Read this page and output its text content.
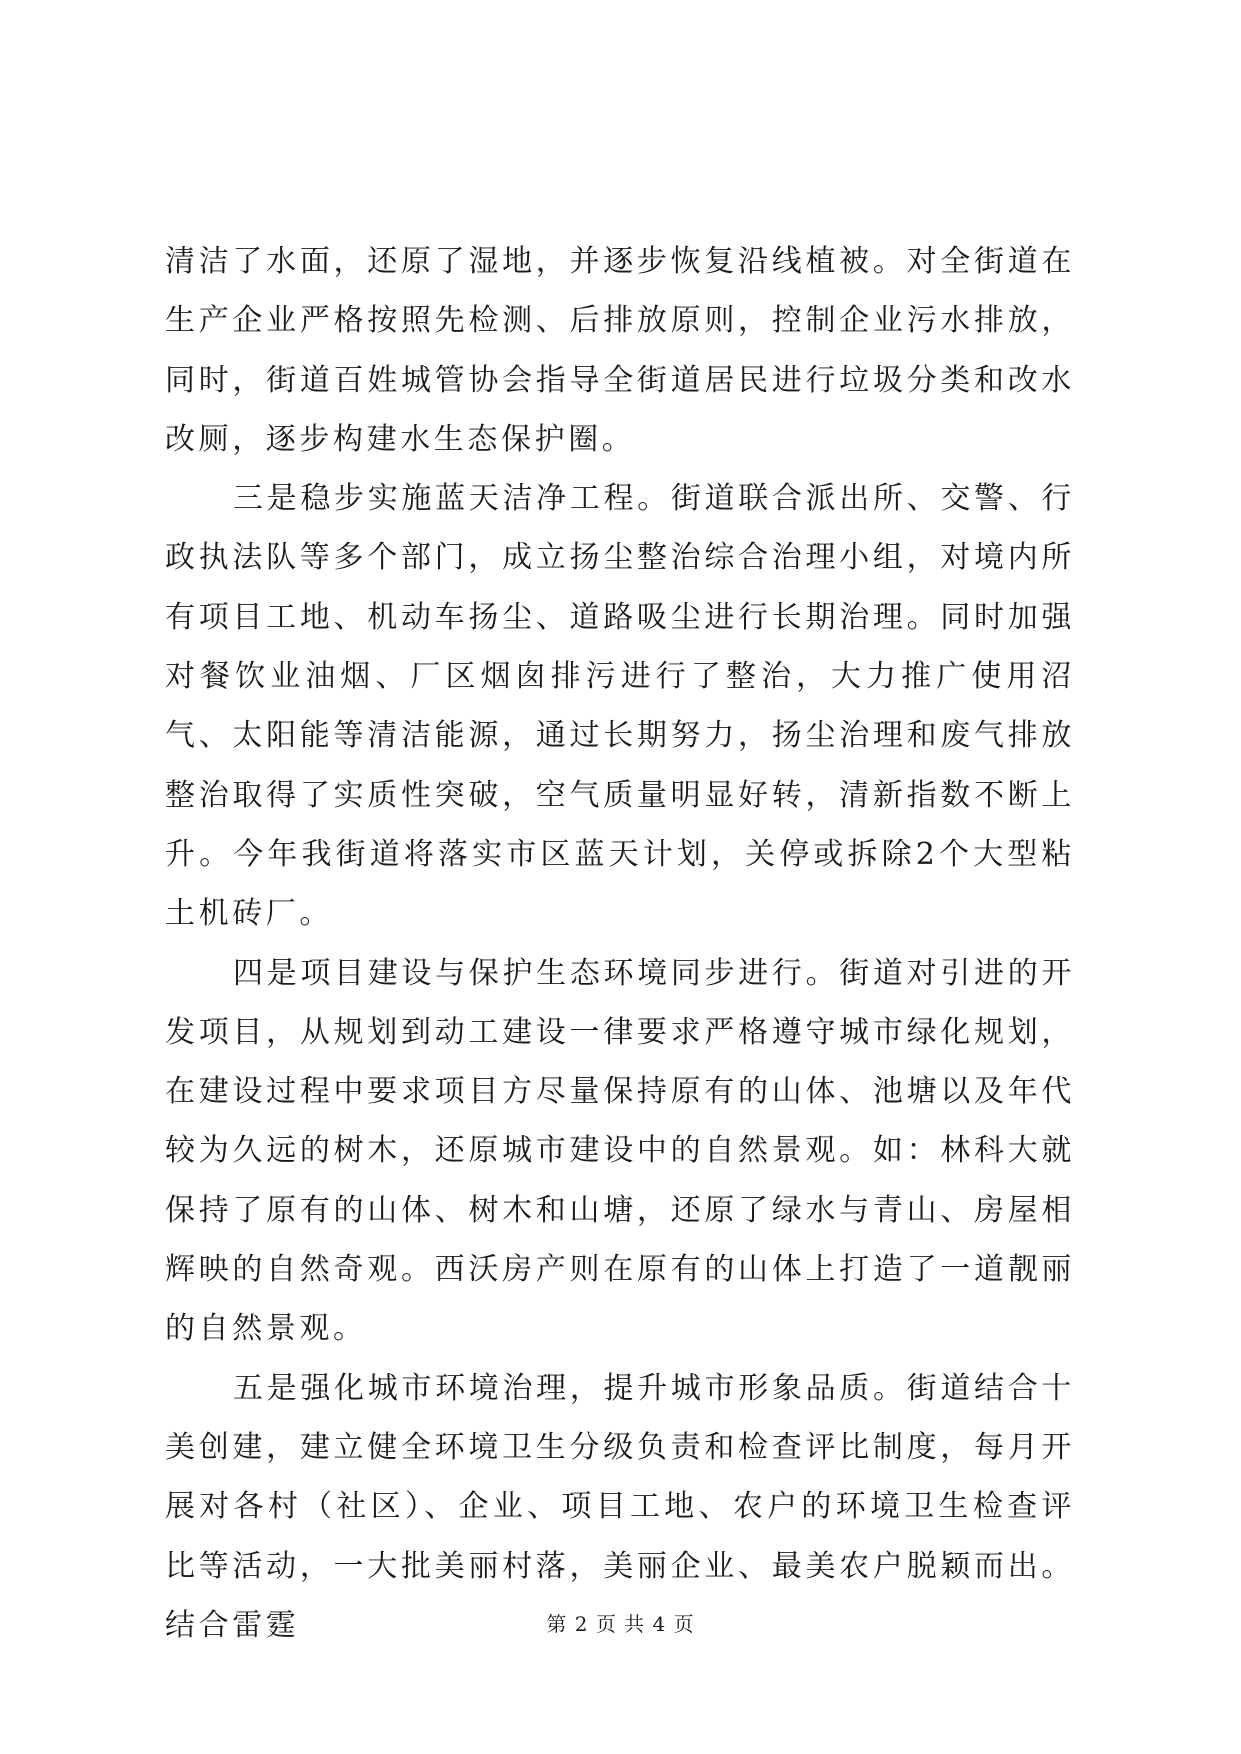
清洁了水面，还原了湿地，并逐步恢复沿线植被。对全街道在生产企业严格按照先检测、后排放原则，控制企业污水排放，同时，街道百姓城管协会指导全街道居民进行垃圾分类和改水改厕，逐步构建水生态保护圈。

三是稳步实施蓝天洁净工程。街道联合派出所、交警、行政执法队等多个部门，成立扬尘整治综合治理小组，对境内所有项目工地、机动车扬尘、道路吸尘进行长期治理。同时加强对餐饮业油烟、厂区烟囱排污进行了整治，大力推广使用沼气、太阳能等清洁能源，通过长期努力，扬尘治理和废气排放整治取得了实质性突破，空气质量明显好转，清新指数不断上升。今年我街道将落实市区蓝天计划，关停或拆除2个大型粘土机砖厂。

四是项目建设与保护生态环境同步进行。街道对引进的开发项目，从规划到动工建设一律要求严格遵守城市绿化规划，在建设过程中要求项目方尽量保持原有的山体、池塘以及年代较为久远的树木，还原城市建设中的自然景观。如：林科大就保持了原有的山体、树木和山塘，还原了绿水与青山、房屋相辉映的自然奇观。西沃房产则在原有的山体上打造了一道靓丽的自然景观。

五是强化城市环境治理，提升城市形象品质。街道结合十美创建，建立健全环境卫生分级负责和检查评比制度，每月开展对各村（社区）、企业、项目工地、农户的环境卫生检查评比等活动，一大批美丽村落，美丽企业、最美农户脱颖而出。结合雷霆	第 2 页 共 4 页
